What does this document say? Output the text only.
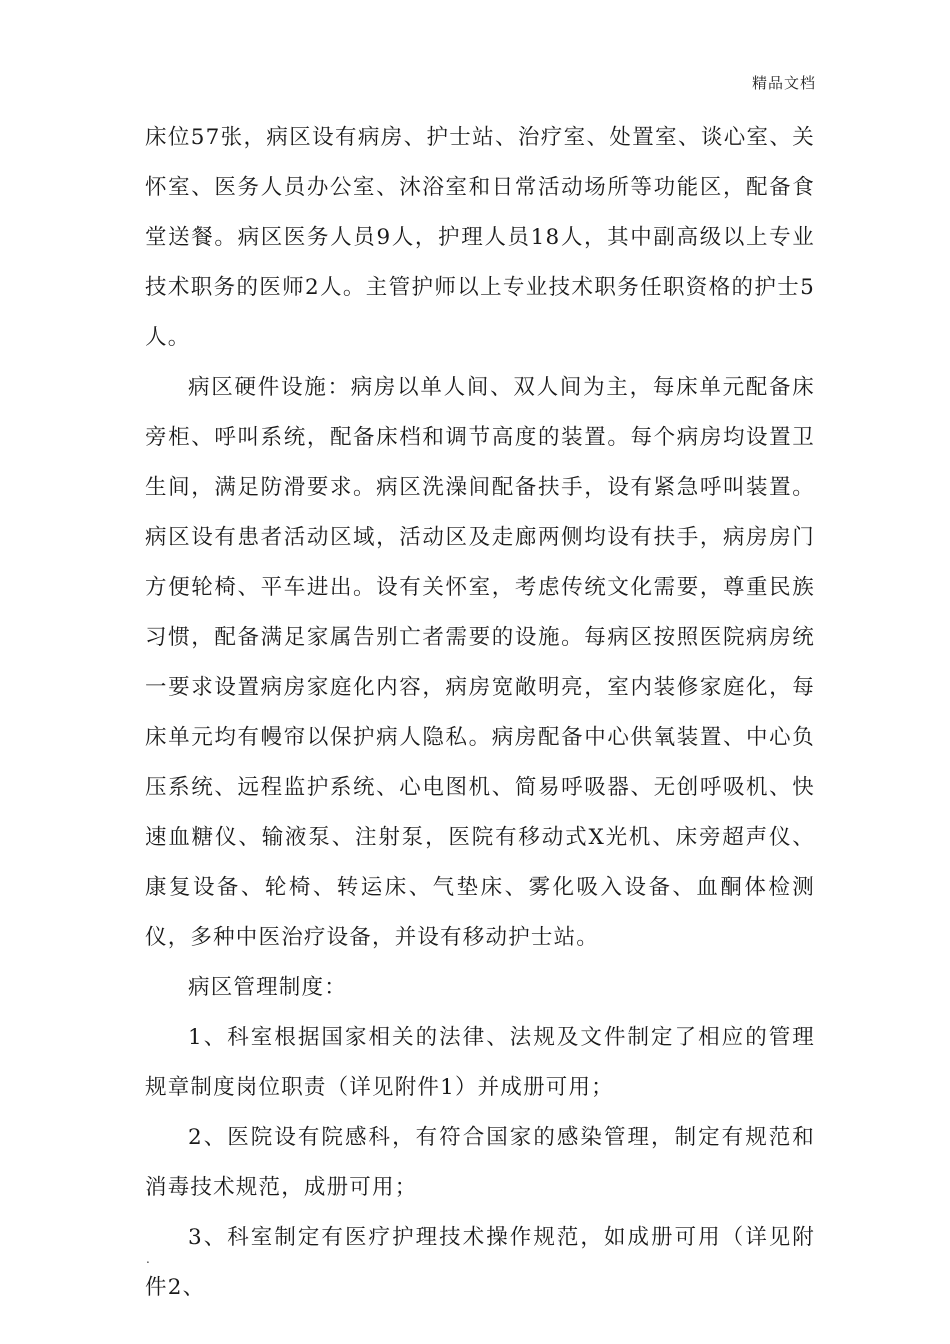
精品文档

床位57张，病区设有病房、护士站、治疗室、处置室、谈心室、关怀室、医务人员办公室、沐浴室和日常活动场所等功能区，配备食堂送餐。病区医务人员9人，护理人员18人，其中副高级以上专业技术职务的医师2人。主管护师以上专业技术职务任职资格的护士5人。

病区硬件设施：病房以单人间、双人间为主，每床单元配备床旁柜、呼叫系统，配备床档和调节高度的装置。每个病房均设置卫生间，满足防滑要求。病区洗澡间配备扶手，设有紧急呼叫装置。病区设有患者活动区域，活动区及走廊两侧均设有扶手，病房房门方便轮椅、平车进出。设有关怀室，考虑传统文化需要，尊重民族习惯，配备满足家属告别亡者需要的设施。每病区按照医院病房统一要求设置病房家庭化内容，病房宽敞明亮，室内装修家庭化，每床单元均有幔帘以保护病人隐私。病房配备中心供氧装置、中心负压系统、远程监护系统、心电图机、简易呼吸器、无创呼吸机、快速血糖仪、输液泵、注射泵，医院有移动式X光机、床旁超声仪、康复设备、轮椅、转运床、气垫床、雾化吸入设备、血酮体检测仪，多种中医治疗设备，并设有移动护士站。

病区管理制度：

1、科室根据国家相关的法律、法规及文件制定了相应的管理规章制度岗位职责（详见附件1）并成册可用；

2、医院设有院感科，有符合国家的感染管理，制定有规范和消毒技术规范，成册可用；

3、科室制定有医疗护理技术操作规范，如成册可用（详见附件2、

.
